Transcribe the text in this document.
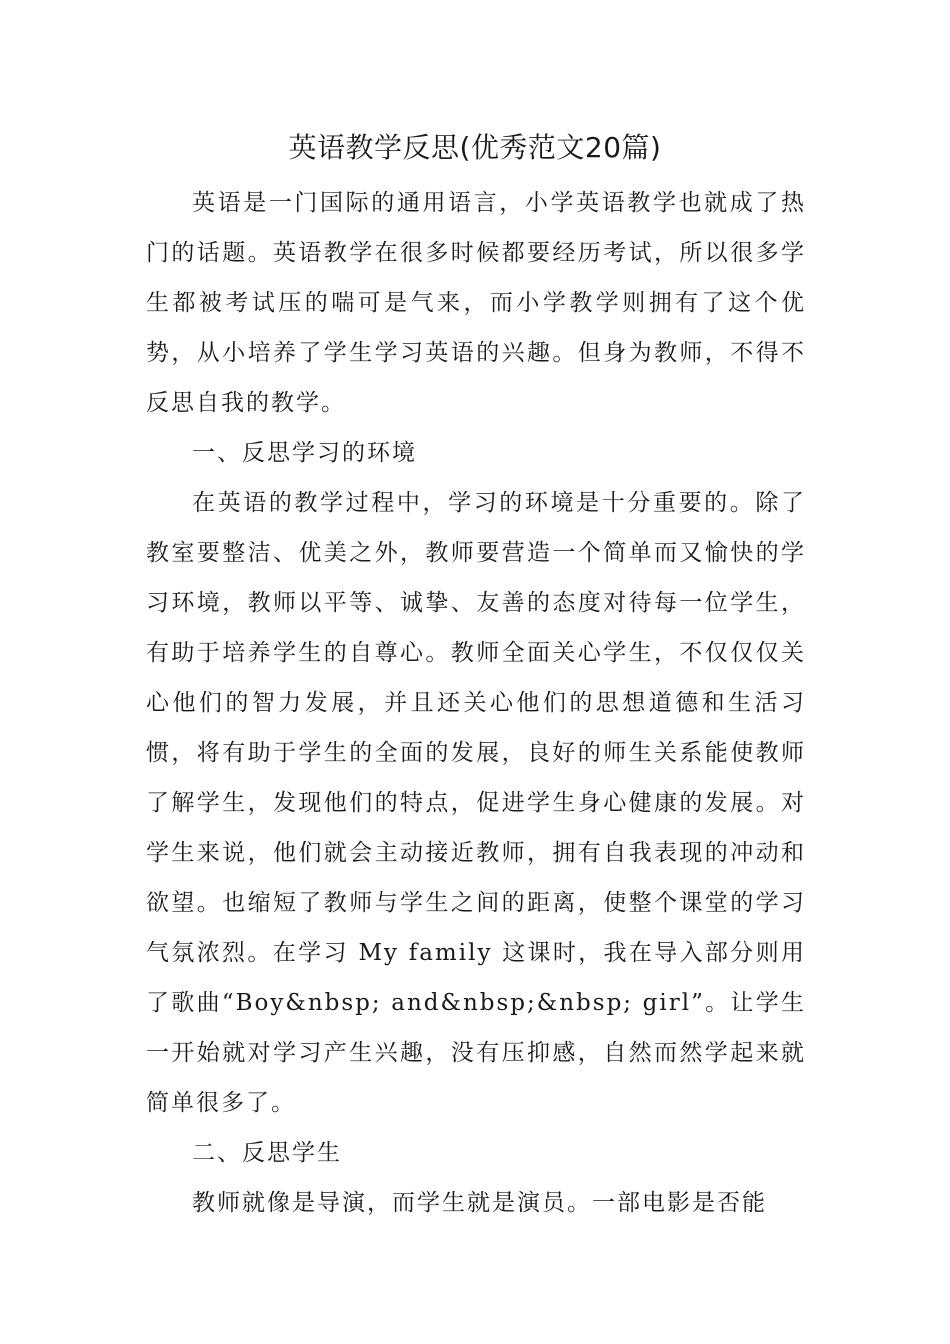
英语教学反思(优秀范文20篇)

英语是一门国际的通用语言，小学英语教学也就成了热门的话题。英语教学在很多时候都要经历考试，所以很多学生都被考试压的喘可是气来，而小学教学则拥有了这个优势，从小培养了学生学习英语的兴趣。但身为教师，不得不反思自我的教学。

一、反思学习的环境

在英语的教学过程中，学习的环境是十分重要的。除了教室要整洁、优美之外，教师要营造一个简单而又愉快的学习环境，教师以平等、诚挚、友善的态度对待每一位学生，有助于培养学生的自尊心。教师全面关心学生，不仅仅仅关心他们的智力发展，并且还关心他们的思想道德和生活习惯，将有助于学生的全面的发展，良好的师生关系能使教师了解学生，发现他们的特点，促进学生身心健康的发展。对学生来说，他们就会主动接近教师，拥有自我表现的冲动和欲望。也缩短了教师与学生之间的距离，使整个课堂的学习气氛浓烈。在学习 My family 这课时，我在导入部分则用了歌曲“Boy&nbsp; and&nbsp;&nbsp; girl”。让学生一开始就对学习产生兴趣，没有压抑感，自然而然学起来就简单很多了。

二、反思学生

教师就像是导演，而学生就是演员。一部电影是否能
